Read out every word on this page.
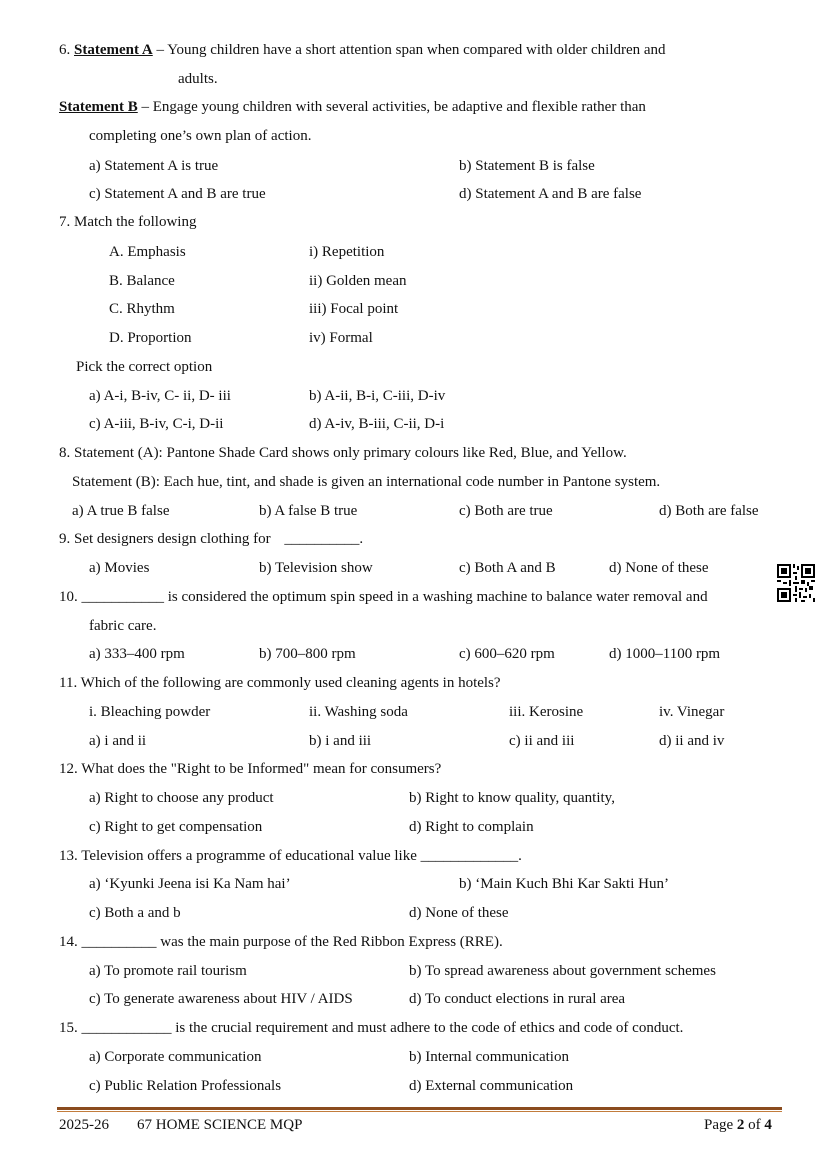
6. Statement A – Young children have a short attention span when compared with older children and
adults.
Statement B – Engage young children with several activities, be adaptive and flexible rather than
completing one’s own plan of action.
a) Statement A is true	b) Statement B is false
c) Statement A and B are true	d) Statement A and B are false
7. Match the following
A. Emphasis	i) Repetition
B. Balance	ii) Golden mean
C. Rhythm	iii) Focal point
D. Proportion	iv) Formal
Pick the correct option
a) A-i, B-iv, C- ii, D- iii	b) A-ii, B-i, C-iii, D-iv
c) A-iii, B-iv, C-i, D-ii	d) A-iv, B-iii, C-ii, D-i
8. Statement (A): Pantone Shade Card shows only primary colours like Red, Blue, and Yellow.
Statement (B): Each hue, tint, and shade is given an international code number in Pantone system.
a) A true B false	b) A false B true	c) Both are true	d) Both are false
9. Set designers design clothing for __________.
a) Movies	b) Television show	c) Both A and B	d) None of these
10. ___________ is considered the optimum spin speed in a washing machine to balance water removal and
fabric care.
a) 333–400 rpm	b) 700–800 rpm	c) 600–620 rpm	d) 1000–1100 rpm
11. Which of the following are commonly used cleaning agents in hotels?
i. Bleaching powder	ii. Washing soda	iii. Kerosine	iv. Vinegar
a) i and ii	b) i and iii	c) ii and iii	d) ii and iv
12. What does the "Right to be Informed" mean for consumers?
a) Right to choose any product	b) Right to know quality, quantity,
c) Right to get compensation	d) Right to complain
13. Television offers a programme of educational value like _____________.
a) ‘Kyunki Jeena isi Ka Nam hai’	b) ‘Main Kuch Bhi Kar Sakti Hun’
c) Both a and b	d) None of these
14. __________ was the main purpose of the Red Ribbon Express (RRE).
a) To promote rail tourism	b) To spread awareness about government schemes
c) To generate awareness about HIV / AIDS	d) To conduct elections in rural area
15. ____________ is the crucial requirement and must adhere to the code of ethics and code of conduct.
a) Corporate communication	b) Internal communication
c) Public Relation Professionals	d) External communication
2025-26 67 HOME SCIENCE MQP	Page 2 of 4
